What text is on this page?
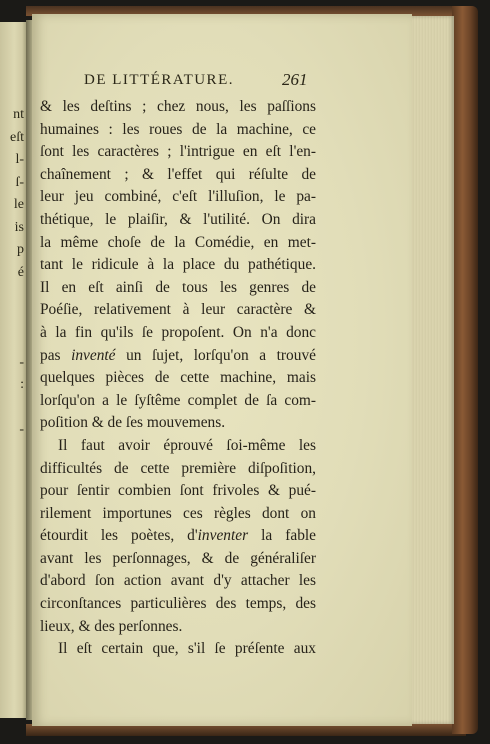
nt
eſt
l-
ſ-
le
is
p
é
-
:
-
DE LITTÉRATURE.	261
& les deſtins ; chez nous, les paſſions
humaines : les roues de la machine, ce
ſont les caractères ; l'intrigue en eſt l'en-
chaînement ; & l'effet qui réſulte de
leur jeu combiné, c'eſt l'illuſion, le pa-
thétique, le plaiſir, & l'utilité. On dira
la même choſe de la Comédie, en met-
tant le ridicule à la place du pathétique.
Il en eſt ainſi de tous les genres de
Poéſie, relativement à leur caractère &
à la fin qu'ils ſe propoſent. On n'a donc
pas inventé un ſujet, lorſqu'on a trouvé
quelques pièces de cette machine, mais
lorſqu'on a le ſyſtême complet de ſa com-
poſition & de ſes mouvemens.
Il faut avoir éprouvé ſoi-même les
difficultés de cette première diſpoſition,
pour ſentir combien ſont frivoles & pué-
rilement importunes ces règles dont on
étourdit les poètes, d'inventer la fable
avant les perſonnages, & de généraliſer
d'abord ſon action avant d'y attacher les
circonſtances particulières des temps, des
lieux, & des perſonnes.
Il eſt certain que, s'il ſe préſente aux
